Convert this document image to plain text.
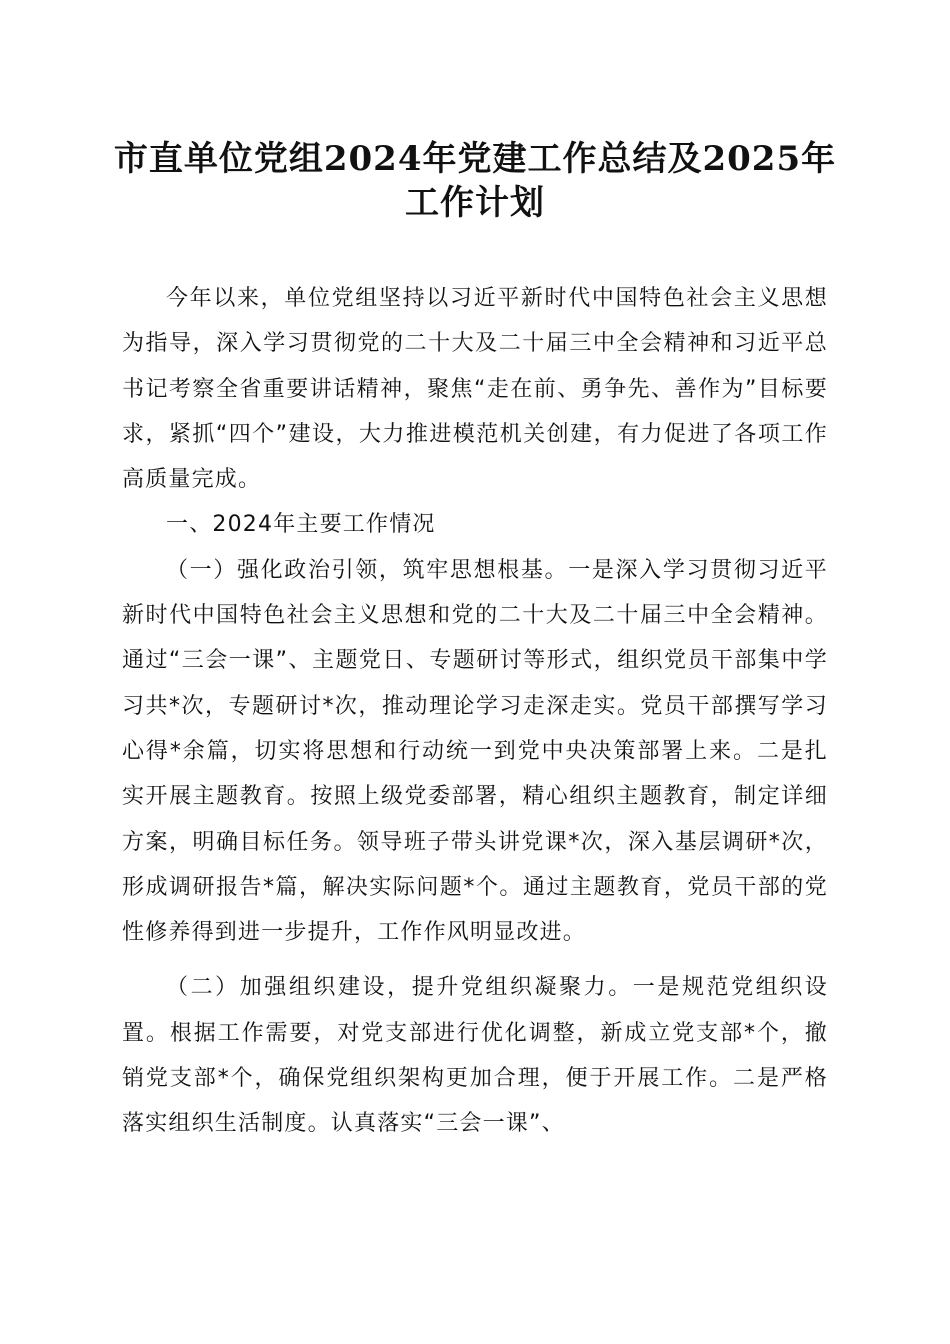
市直单位党组2024年党建工作总结及2025年
工作计划

今年以来，单位党组坚持以习近平新时代中国特色社会主义思想为指导，深入学习贯彻党的二十大及二十届三中全会精神和习近平总书记考察全省重要讲话精神，聚焦“走在前、勇争先、善作为”目标要求，紧抓“四个”建设，大力推进模范机关创建，有力促进了各项工作高质量完成。

一、2024年主要工作情况

（一）强化政治引领，筑牢思想根基。一是深入学习贯彻习近平新时代中国特色社会主义思想和党的二十大及二十届三中全会精神。通过“三会一课”、主题党日、专题研讨等形式，组织党员干部集中学习共*次，专题研讨*次，推动理论学习走深走实。党员干部撰写学习心得*余篇，切实将思想和行动统一到党中央决策部署上来。二是扎实开展主题教育。按照上级党委部署，精心组织主题教育，制定详细方案，明确目标任务。领导班子带头讲党课*次，深入基层调研*次，形成调研报告*篇，解决实际问题*个。通过主题教育，党员干部的党性修养得到进一步提升，工作作风明显改进。

（二）加强组织建设，提升党组织凝聚力。一是规范党组织设置。根据工作需要，对党支部进行优化调整，新成立党支部*个，撤销党支部*个，确保党组织架构更加合理，便于开展工作。二是严格落实组织生活制度。认真落实“三会一课”、
